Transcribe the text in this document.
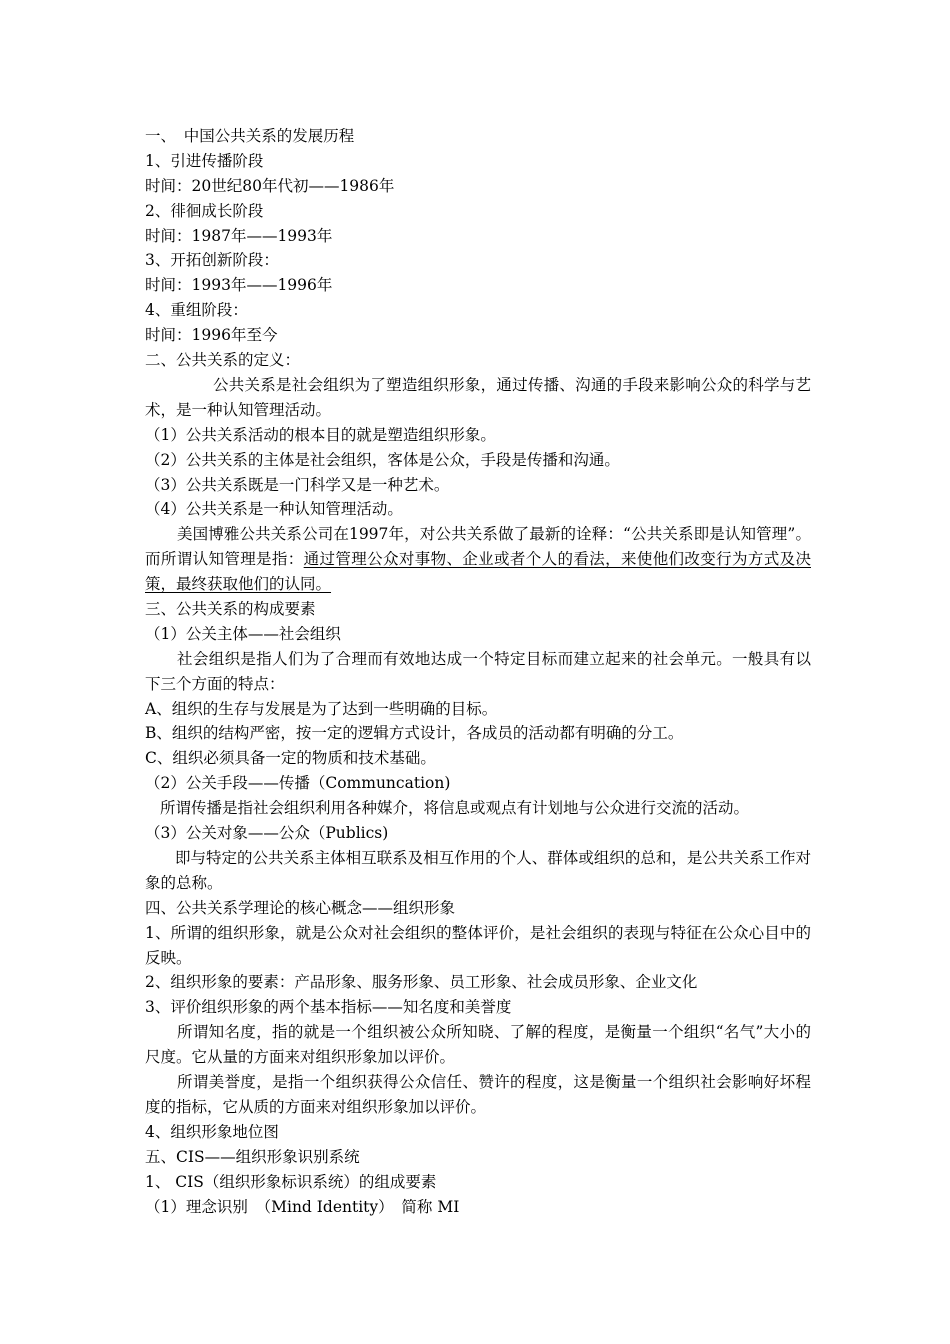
一、　中国公共关系的发展历程
1、引进传播阶段
时间：20世纪80年代初——1986年
2、徘徊成长阶段
时间：1987年——1993年
3、开拓创新阶段：
时间：1993年——1996年
4、重组阶段：
时间：1996年至今
二、公共关系的定义：
公共关系是社会组织为了塑造组织形象，通过传播、沟通的手段来影响公众的科学与艺术，是一种认知管理活动。
（1）公共关系活动的根本目的就是塑造组织形象。
（2）公共关系的主体是社会组织，客体是公众，手段是传播和沟通。
（3）公共关系既是一门科学又是一种艺术。
（4）公共关系是一种认知管理活动。
美国博雅公共关系公司在1997年，对公共关系做了最新的诠释：“公共关系即是认知管理”。而所谓认知管理是指：通过管理公众对事物、企业或者个人的看法，来使他们改变行为方式及决策，最终获取他们的认同。
三、公共关系的构成要素
（1）公关主体——社会组织
社会组织是指人们为了合理而有效地达成一个特定目标而建立起来的社会单元。一般具有以下三个方面的特点：
A、组织的生存与发展是为了达到一些明确的目标。
B、组织的结构严密，按一定的逻辑方式设计，各成员的活动都有明确的分工。
C、组织必须具备一定的物质和技术基础。
（2）公关手段——传播（Communcation)
所谓传播是指社会组织利用各种媒介，将信息或观点有计划地与公众进行交流的活动。
（3）公关对象——公众（Publics)
即与特定的公共关系主体相互联系及相互作用的个人、群体或组织的总和，是公共关系工作对象的总称。
四、公共关系学理论的核心概念——组织形象
1、所谓的组织形象，就是公众对社会组织的整体评价，是社会组织的表现与特征在公众心目中的反映。
2、组织形象的要素：产品形象、服务形象、员工形象、社会成员形象、企业文化
3、评价组织形象的两个基本指标——知名度和美誉度
所谓知名度，指的就是一个组织被公众所知晓、了解的程度，是衡量一个组织“名气”大小的尺度。它从量的方面来对组织形象加以评价。
所谓美誉度，是指一个组织获得公众信任、赞许的程度，这是衡量一个组织社会影响好坏程度的指标，它从质的方面来对组织形象加以评价。
4、组织形象地位图
五、CIS——组织形象识别系统
1、 CIS（组织形象标识系统）的组成要素
（1）理念识别　（Mind Identity）　简称 MI
